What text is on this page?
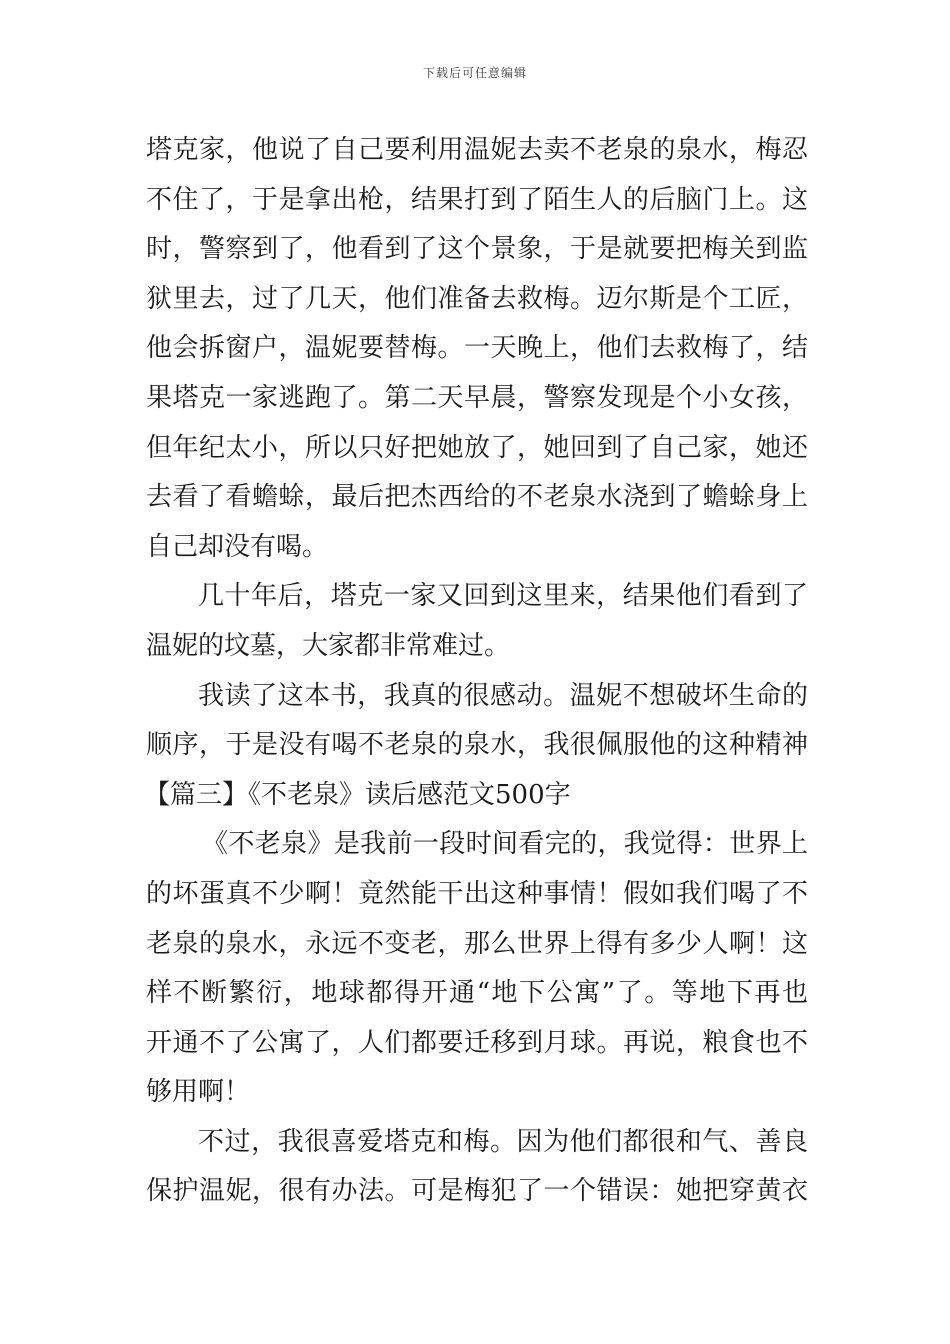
下载后可任意编辑
塔克家，他说了自己要利用温妮去卖不老泉的泉水，梅忍
不住了，于是拿出枪，结果打到了陌生人的后脑门上。这
时，警察到了，他看到了这个景象，于是就要把梅关到监
狱里去，过了几天，他们准备去救梅。迈尔斯是个工匠，
他会拆窗户，温妮要替梅。一天晚上，他们去救梅了，结
果塔克一家逃跑了。第二天早晨，警察发现是个小女孩，
但年纪太小，所以只好把她放了，她回到了自己家，她还
去看了看蟾蜍，最后把杰西给的不老泉水浇到了蟾蜍身上
自己却没有喝。
几十年后，塔克一家又回到这里来，结果他们看到了
温妮的坟墓，大家都非常难过。
我读了这本书，我真的很感动。温妮不想破坏生命的
顺序，于是没有喝不老泉的泉水，我很佩服他的这种精神
【篇三】《不老泉》读后感范文500字
《不老泉》是我前一段时间看完的，我觉得：世界上
的坏蛋真不少啊！竟然能干出这种事情！假如我们喝了不
老泉的泉水，永远不变老，那么世界上得有多少人啊！这
样不断繁衍，地球都得开通“地下公寓”了。等地下再也
开通不了公寓了，人们都要迁移到月球。再说，粮食也不
够用啊！
不过，我很喜爱塔克和梅。因为他们都很和气、善良
保护温妮，很有办法。可是梅犯了一个错误：她把穿黄衣
